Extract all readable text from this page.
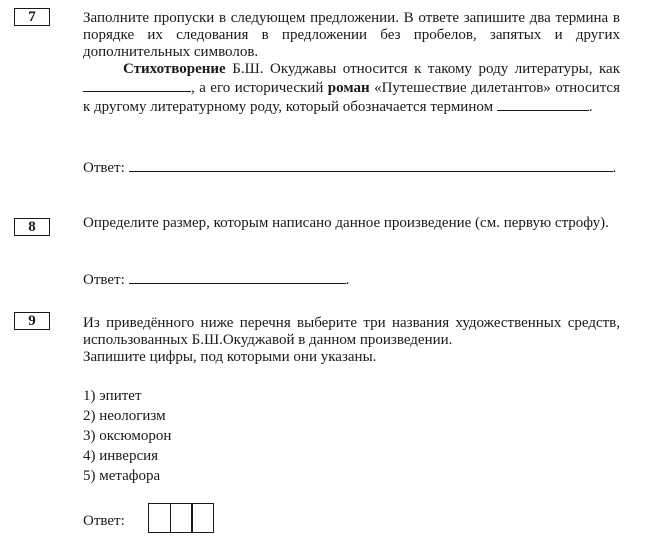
7	Заполните пропуски в следующем предложении. В ответе запишите два термина в порядке их следования в предложении без пробелов, запятых и других дополнительных символов.

Стихотворение Б.Ш. Окуджавы относится к такому роду литературы, как , а его исторический роман «Путешествие дилетантов» относится к другому литературному роду, который обозначается термином	.

Ответ:	.
8	Определите размер, которым написано данное произведение (см. первую строфу).

Ответ:	.
9	Из приведённого ниже перечня выберите три названия художественных средств, использованных Б.Ш.Окуджавой в данном произведении.

Запишите цифры, под которыми они указаны.

1) эпитет
2) неологизм
3) оксюморон
4) инверсия
5) метафора
Ответ:
